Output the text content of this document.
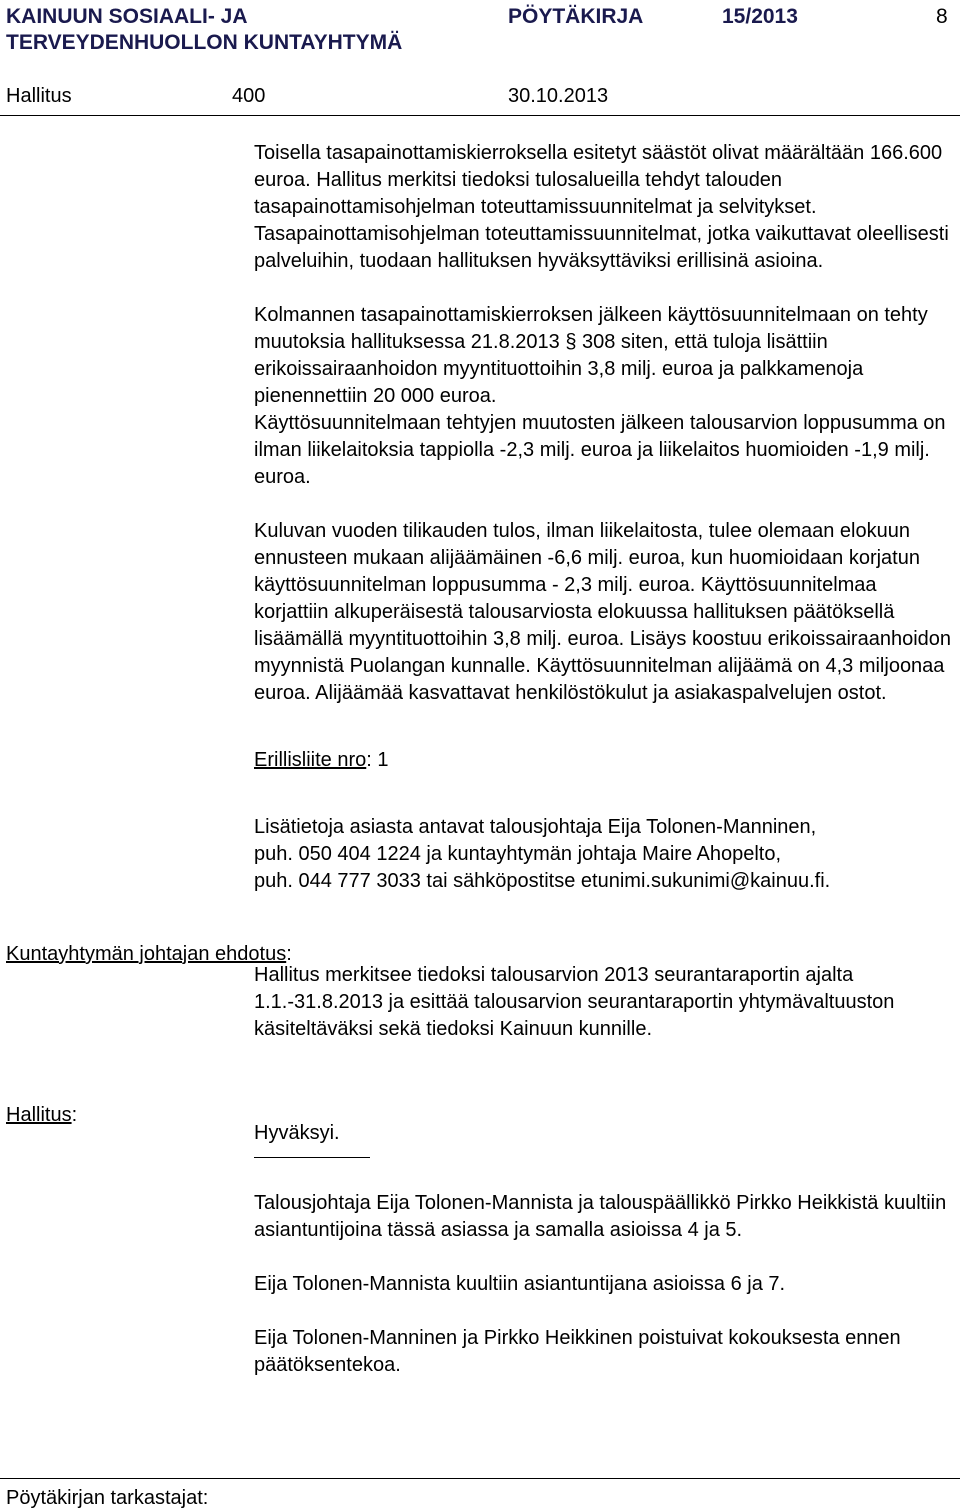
KAINUUN SOSIAALI- JA TERVEYDENHUOLLON KUNTAYHTYMÄ
PÖYTÄKIRJA	15/2013	8
Hallitus	400	30.10.2013

Toisella tasapainottamiskierroksella esitetyt säästöt olivat määrältään 166.600 euroa. Hallitus merkitsi tiedoksi tulosalueilla tehdyt talouden tasapainottamisohjelman toteuttamissuunnitelmat ja selvitykset. Tasapainottamisohjelman toteuttamissuunnitelmat, jotka vaikuttavat oleellisesti palveluihin, tuodaan hallituksen hyväksyttäviksi erillisinä asioina.

Kolmannen tasapainottamiskierroksen jälkeen käyttösuunnitelmaan on tehty muutoksia hallituksessa 21.8.2013 § 308 siten, että tuloja lisättiin erikoissairaanhoidon myyntituottoihin 3,8 milj. euroa ja palkkamenoja pienennettiin 20 000 euroa.

Käyttösuunnitelmaan tehtyjen muutosten jälkeen talousarvion loppusumma on ilman liikelaitoksia tappiolla -2,3 milj. euroa ja liikelaitos huomioiden -1,9 milj. euroa.

Kuluvan vuoden tilikauden tulos, ilman liikelaitosta, tulee olemaan elokuun ennusteen mukaan alijäämäinen -6,6 milj. euroa, kun huomioidaan korjatun käyttösuunnitelman loppusumma - 2,3 milj. euroa. Käyttösuunnitelmaa korjattiin alkuperäisestä talousarviosta elokuussa hallituksen päätöksellä lisäämällä myyntituottoihin 3,8 milj. euroa. Lisäys koostuu erikoissairaanhoidon myynnistä Puolangan kunnalle. Käyttösuunnitelman alijäämä on 4,3 miljoonaa euroa. Alijäämää kasvattavat henkilöstökulut ja asiakaspalvelujen ostot.

Erillisliite nro: 1

Lisätietoja asiasta antavat talousjohtaja Eija Tolonen-Manninen,
puh. 050 404 1224 ja kuntayhtymän johtaja Maire Ahopelto,
puh. 044 777 3033 tai sähköpostitse etunimi.sukunimi@kainuu.fi.

Hallitus merkitsee tiedoksi talousarvion 2013 seurantaraportin ajalta 1.1.-31.8.2013 ja esittää talousarvion seurantaraportin yhtymävaltuuston käsiteltäväksi sekä tiedoksi Kainuun kunnille.

Hyväksyi.

Talousjohtaja Eija Tolonen-Mannista ja talouspäällikkö Pirkko Heikkistä kuultiin asiantuntijoina tässä asiassa ja samalla asioissa 4 ja 5.

Eija Tolonen-Mannista kuultiin asiantuntijana asioissa 6 ja 7.

Eija Tolonen-Manninen ja Pirkko Heikkinen poistuivat kokouksesta ennen päätöksentekoa.

Kuntayhtymän johtajan ehdotus:
Hallitus:
Pöytäkirjan tarkastajat:
